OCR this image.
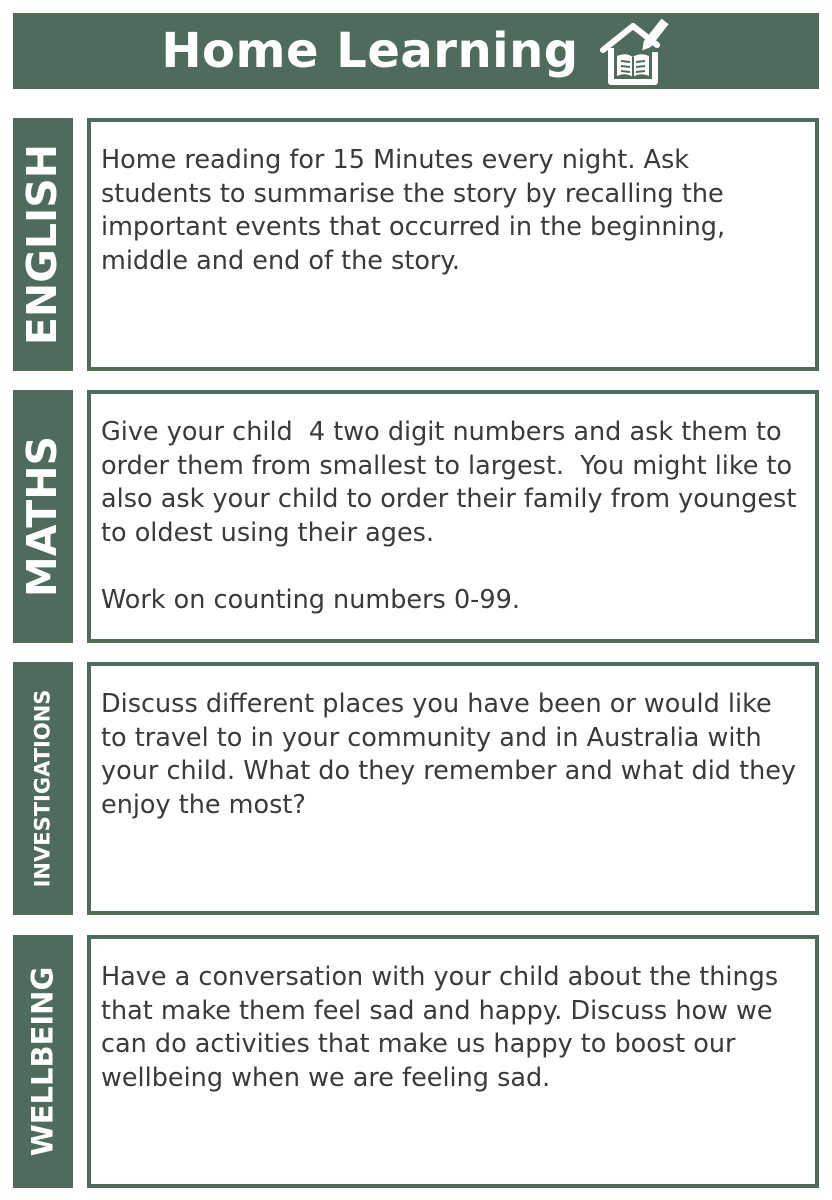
Home Learning
ENGLISH Home reading for 15 Minutes every night. Ask students to summarise the story by recalling the important events that occurred in the beginning, middle and end of the story.
MATHS
Give your child  4 two digit numbers and ask them to order them from smallest to largest.  You might like to also ask your child to order their family from youngest to oldest using their ages.

Work on counting numbers 0-99.
INVESTIGATIONS Discuss different places you have been or would like to travel to in your community and in Australia with your child. What do they remember and what did they enjoy the most?
WELLBEING Have a conversation with your child about the things that make them feel sad and happy. Discuss how we can do activities that make us happy to boost our wellbeing when we are feeling sad.
